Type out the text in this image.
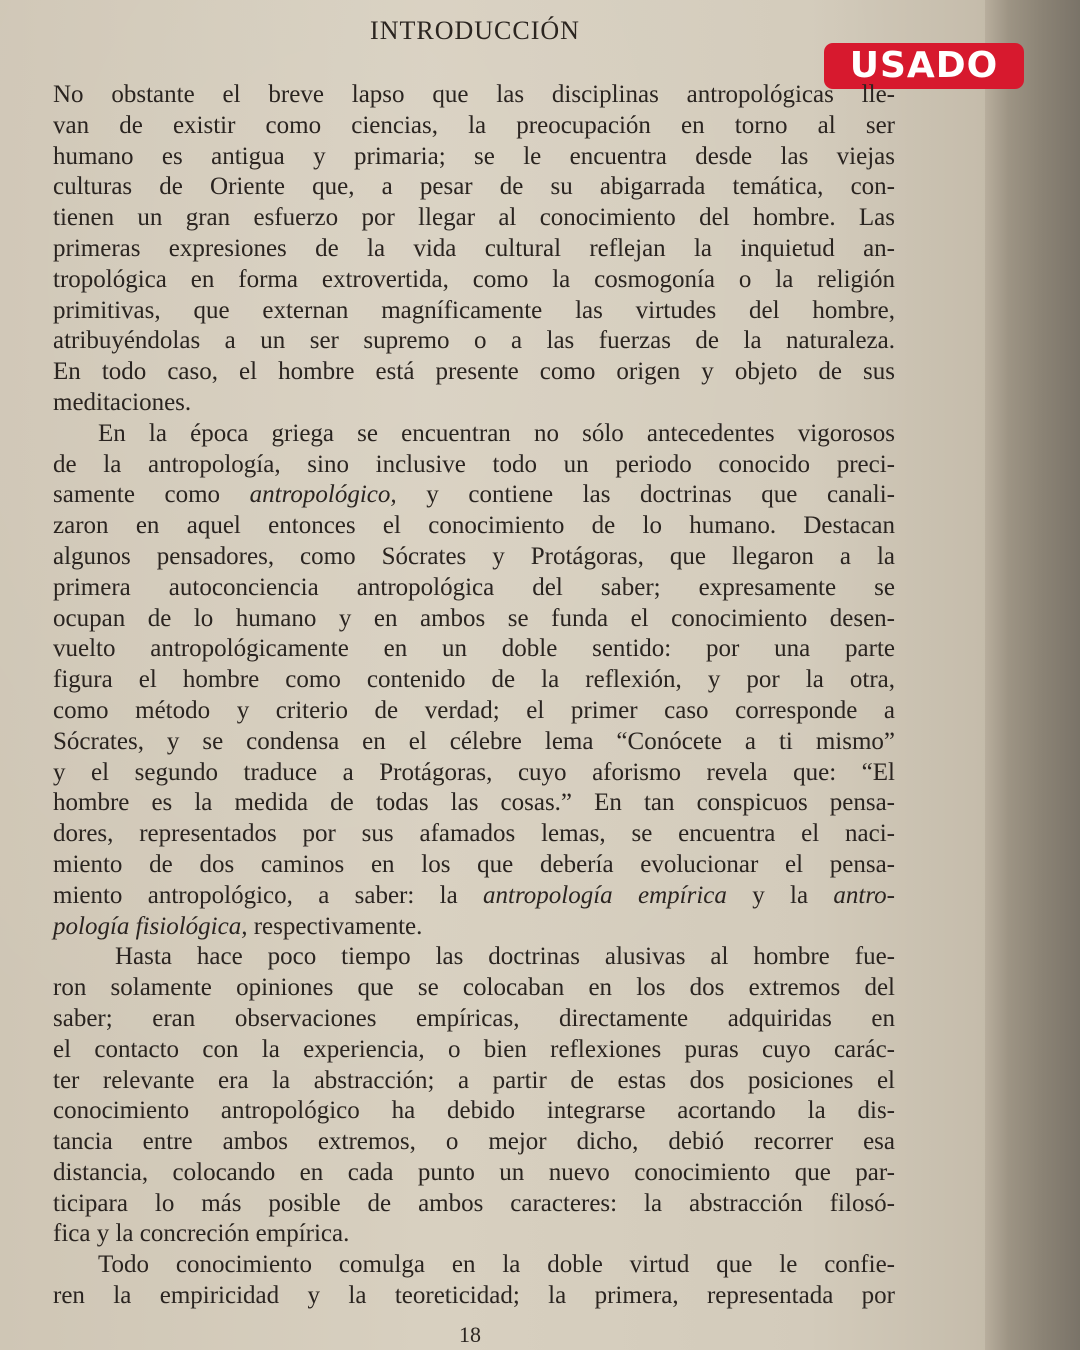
INTRODUCCIÓN
USADO
No obstante el breve lapso que las disciplinas antropológicas lle-
van de existir como ciencias, la preocupación en torno al ser
humano es antigua y primaria; se le encuentra desde las viejas
culturas de Oriente que, a pesar de su abigarrada temática, con-
tienen un gran esfuerzo por llegar al conocimiento del hombre. Las
primeras expresiones de la vida cultural reflejan la inquietud an-
tropológica en forma extrovertida, como la cosmogonía o la religión
primitivas, que externan magníficamente las virtudes del hombre,
atribuyéndolas a un ser supremo o a las fuerzas de la naturaleza.
En todo caso, el hombre está presente como origen y objeto de sus
meditaciones.
En la época griega se encuentran no sólo antecedentes vigorosos
de la antropología, sino inclusive todo un periodo conocido preci-
samente como antropológico, y contiene las doctrinas que canali-
zaron en aquel entonces el conocimiento de lo humano. Destacan
algunos pensadores, como Sócrates y Protágoras, que llegaron a la
primera autoconciencia antropológica del saber; expresamente se
ocupan de lo humano y en ambos se funda el conocimiento desen-
vuelto antropológicamente en un doble sentido: por una parte
figura el hombre como contenido de la reflexión, y por la otra,
como método y criterio de verdad; el primer caso corresponde a
Sócrates, y se condensa en el célebre lema “Conócete a ti mismo”
y el segundo traduce a Protágoras, cuyo aforismo revela que: “El
hombre es la medida de todas las cosas.” En tan conspicuos pensa-
dores, representados por sus afamados lemas, se encuentra el naci-
miento de dos caminos en los que debería evolucionar el pensa-
miento antropológico, a saber: la antropología empírica y la antro-
pología fisiológica, respectivamente.
Hasta hace poco tiempo las doctrinas alusivas al hombre fue-
ron solamente opiniones que se colocaban en los dos extremos del
saber; eran observaciones empíricas, directamente adquiridas en
el contacto con la experiencia, o bien reflexiones puras cuyo carác-
ter relevante era la abstracción; a partir de estas dos posiciones el
conocimiento antropológico ha debido integrarse acortando la dis-
tancia entre ambos extremos, o mejor dicho, debió recorrer esa
distancia, colocando en cada punto un nuevo conocimiento que par-
ticipara lo más posible de ambos caracteres: la abstracción filosó-
fica y la concreción empírica.
Todo conocimiento comulga en la doble virtud que le confie-
ren la empiricidad y la teoreticidad; la primera, representada por
18
